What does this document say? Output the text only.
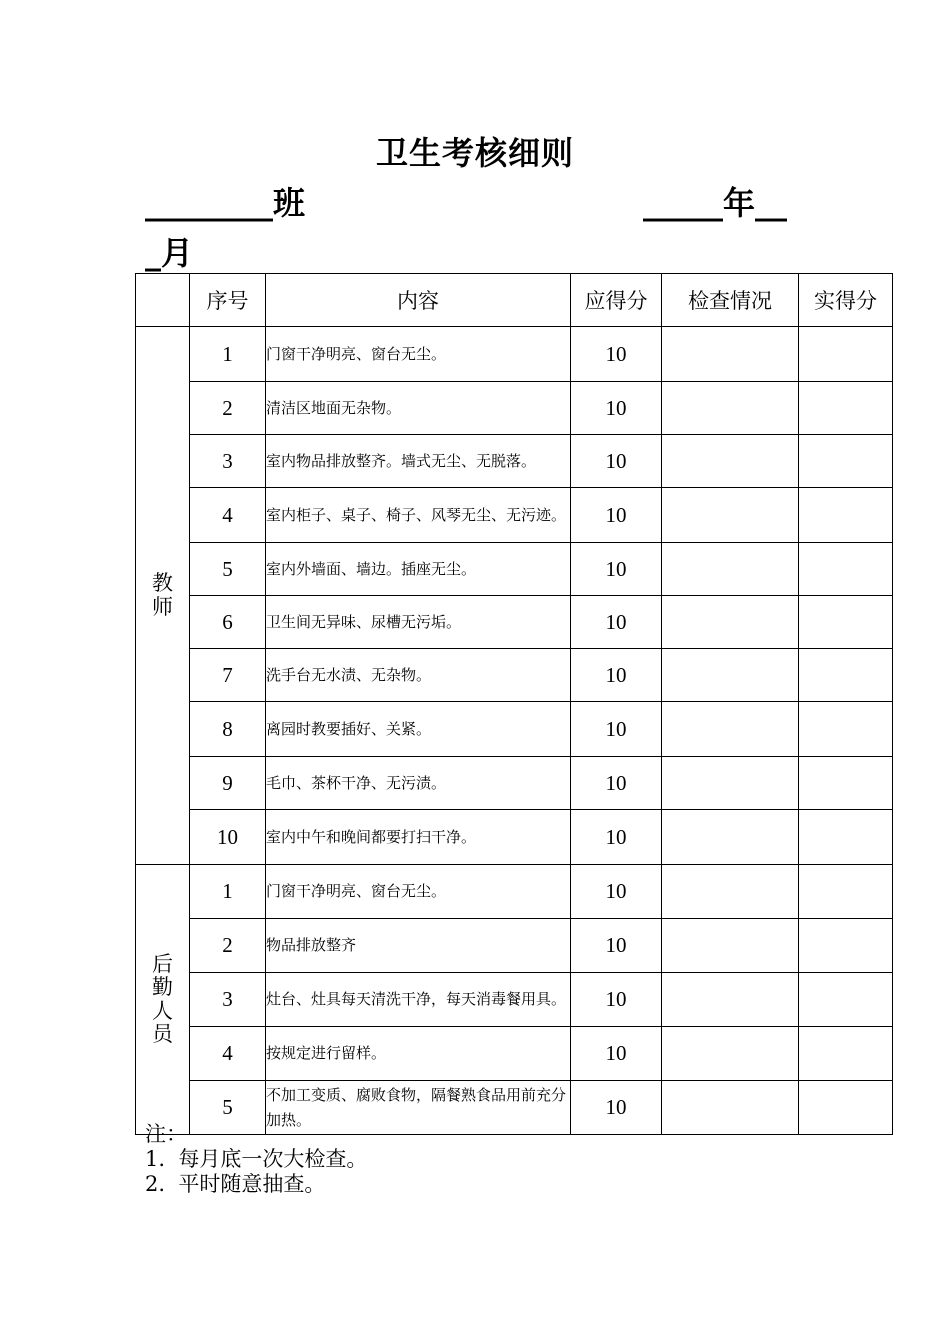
卫生考核细则
________班	_____年__
_月
	序号	内容	应得分	检查情况	实得分
教师	1	门窗干净明亮、窗台无尘。	10		
	2	清洁区地面无杂物。	10		
	3	室内物品排放整齐。墙式无尘、无脱落。	10		
	4	室内柜子、桌子、椅子、风琴无尘、无污迹。	10		
	5	室内外墙面、墙边。插座无尘。	10		
	6	卫生间无异味、尿槽无污垢。	10		
	7	洗手台无水渍、无杂物。	10		
	8	离园时教要插好、关紧。	10		
	9	毛巾、茶杯干净、无污渍。	10		
	10	室内中午和晚间都要打扫干净。	10		
后勤人员	1	门窗干净明亮、窗台无尘。	10		
	2	物品排放整齐	10		
	3	灶台、灶具每天清洗干净，每天消毒餐用具。	10		
	4	按规定进行留样。	10		
	5	不加工变质、腐败食物，隔餐熟食品用前充分加热。	10		
注：
1.  每月底一次大检查。
2.  平时随意抽查。
